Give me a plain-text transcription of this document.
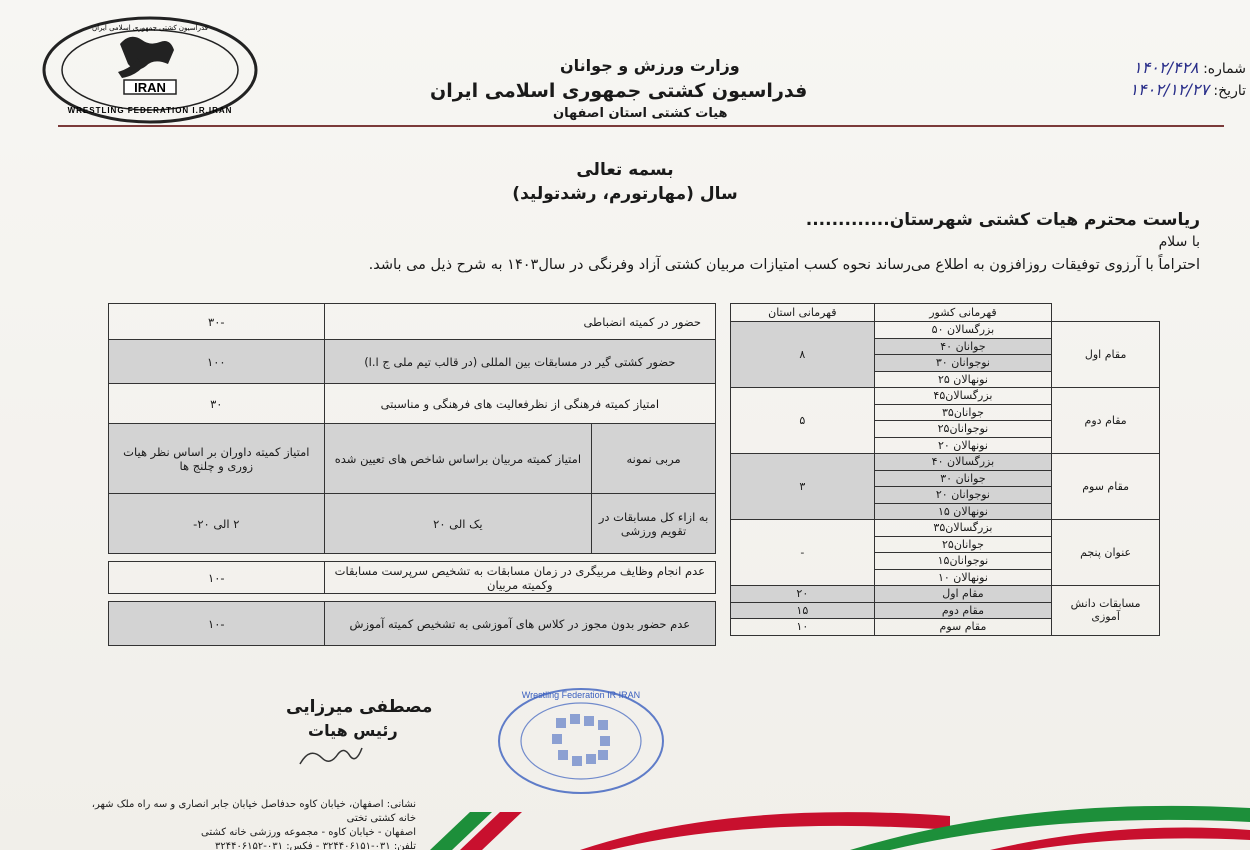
IRAN
WRESTLING FEDERATION I.R.IRAN
فدراسیون کشتی جمهوری اسلامی ایران
وزارت ورزش و جوانان
فدراسیون کشتی جمهوری اسلامی ایران
هیات کشتی استان اصفهان
شماره: ۱۴۰۲/۴۲۸
تاریخ: ۱۴۰۲/۱۲/۲۷
بسمه تعالی
سال (مهارتورم، رشدتولید)
ریاست محترم هیات کشتی شهرستان.............
با سلام
احتراماً با آرزوی توفیقات روزافزون به اطلاع می‌رساند نحوه کسب امتیازات مربیان کشتی آزاد وفرنگی در سال۱۴۰۳ به شرح ذیل می باشد.
	قهرمانی کشور	قهرمانی استان
مقام اول	بزرگسالان ۵۰	۸
	جوانان ۴۰	
	نوجوانان ۳۰	
	نونهالان ۲۵	
مقام دوم	بزرگسالان۴۵	۵
	جوانان۳۵	
	نوجوانان۲۵	
	نونهالان ۲۰	
مقام سوم	بزرگسالان ۴۰	۳
	جوانان ۳۰	
	نوجوانان ۲۰	
	نونهالان ۱۵	
عنوان پنجم	بزرگسالان۳۵	-
	جوانان۲۵	
	نوجوانان۱۵	
	نونهالان ۱۰	
مسابقات دانش آموزی	مقام اول	۲۰
	مقام دوم	۱۵
	مقام سوم	۱۰
حضور در کمیته انضباطی		-۳۰
حضور کشتی گیر در مسابقات بین المللی (در قالب تیم ملی ج ا.ا)		۱۰۰
امتیاز کمیته فرهنگی از نظرفعالیت های فرهنگی و مناسبتی		۳۰
مربی نمونه	امتیاز کمیته مربیان براساس شاخص های تعیین شده	امتیاز کمیته داوران بر اساس نظر هیات زوری و چلنج ها
به ازاء کل مسابقات در تقویم ورزشی	یک الی ۲۰	۲ الی ۲۰-

عدم انجام وظایف مربیگری در زمان مسابقات به تشخیص سرپرست مسابقات وکمیته مربیان		-۱۰

عدم حضور بدون مجوز در کلاس های آموزشی به تشخیص کمیته آموزش		-۱۰
مصطفی میرزایی
رئیس هیات
Wrestling Federation IR IRAN
نشانی: اصفهان، خیابان کاوه حدفاصل خیابان جابر انصاری و سه راه ملک شهر، خانه کشتی تختی
اصفهان - خیابان کاوه - مجموعه ورزشی خانه کشتی
تلفن: ۰۳۱-۳۲۴۴۰۶۱۵۱ - فکس: ۰۳۱-۳۲۴۴۰۶۱۵۲
